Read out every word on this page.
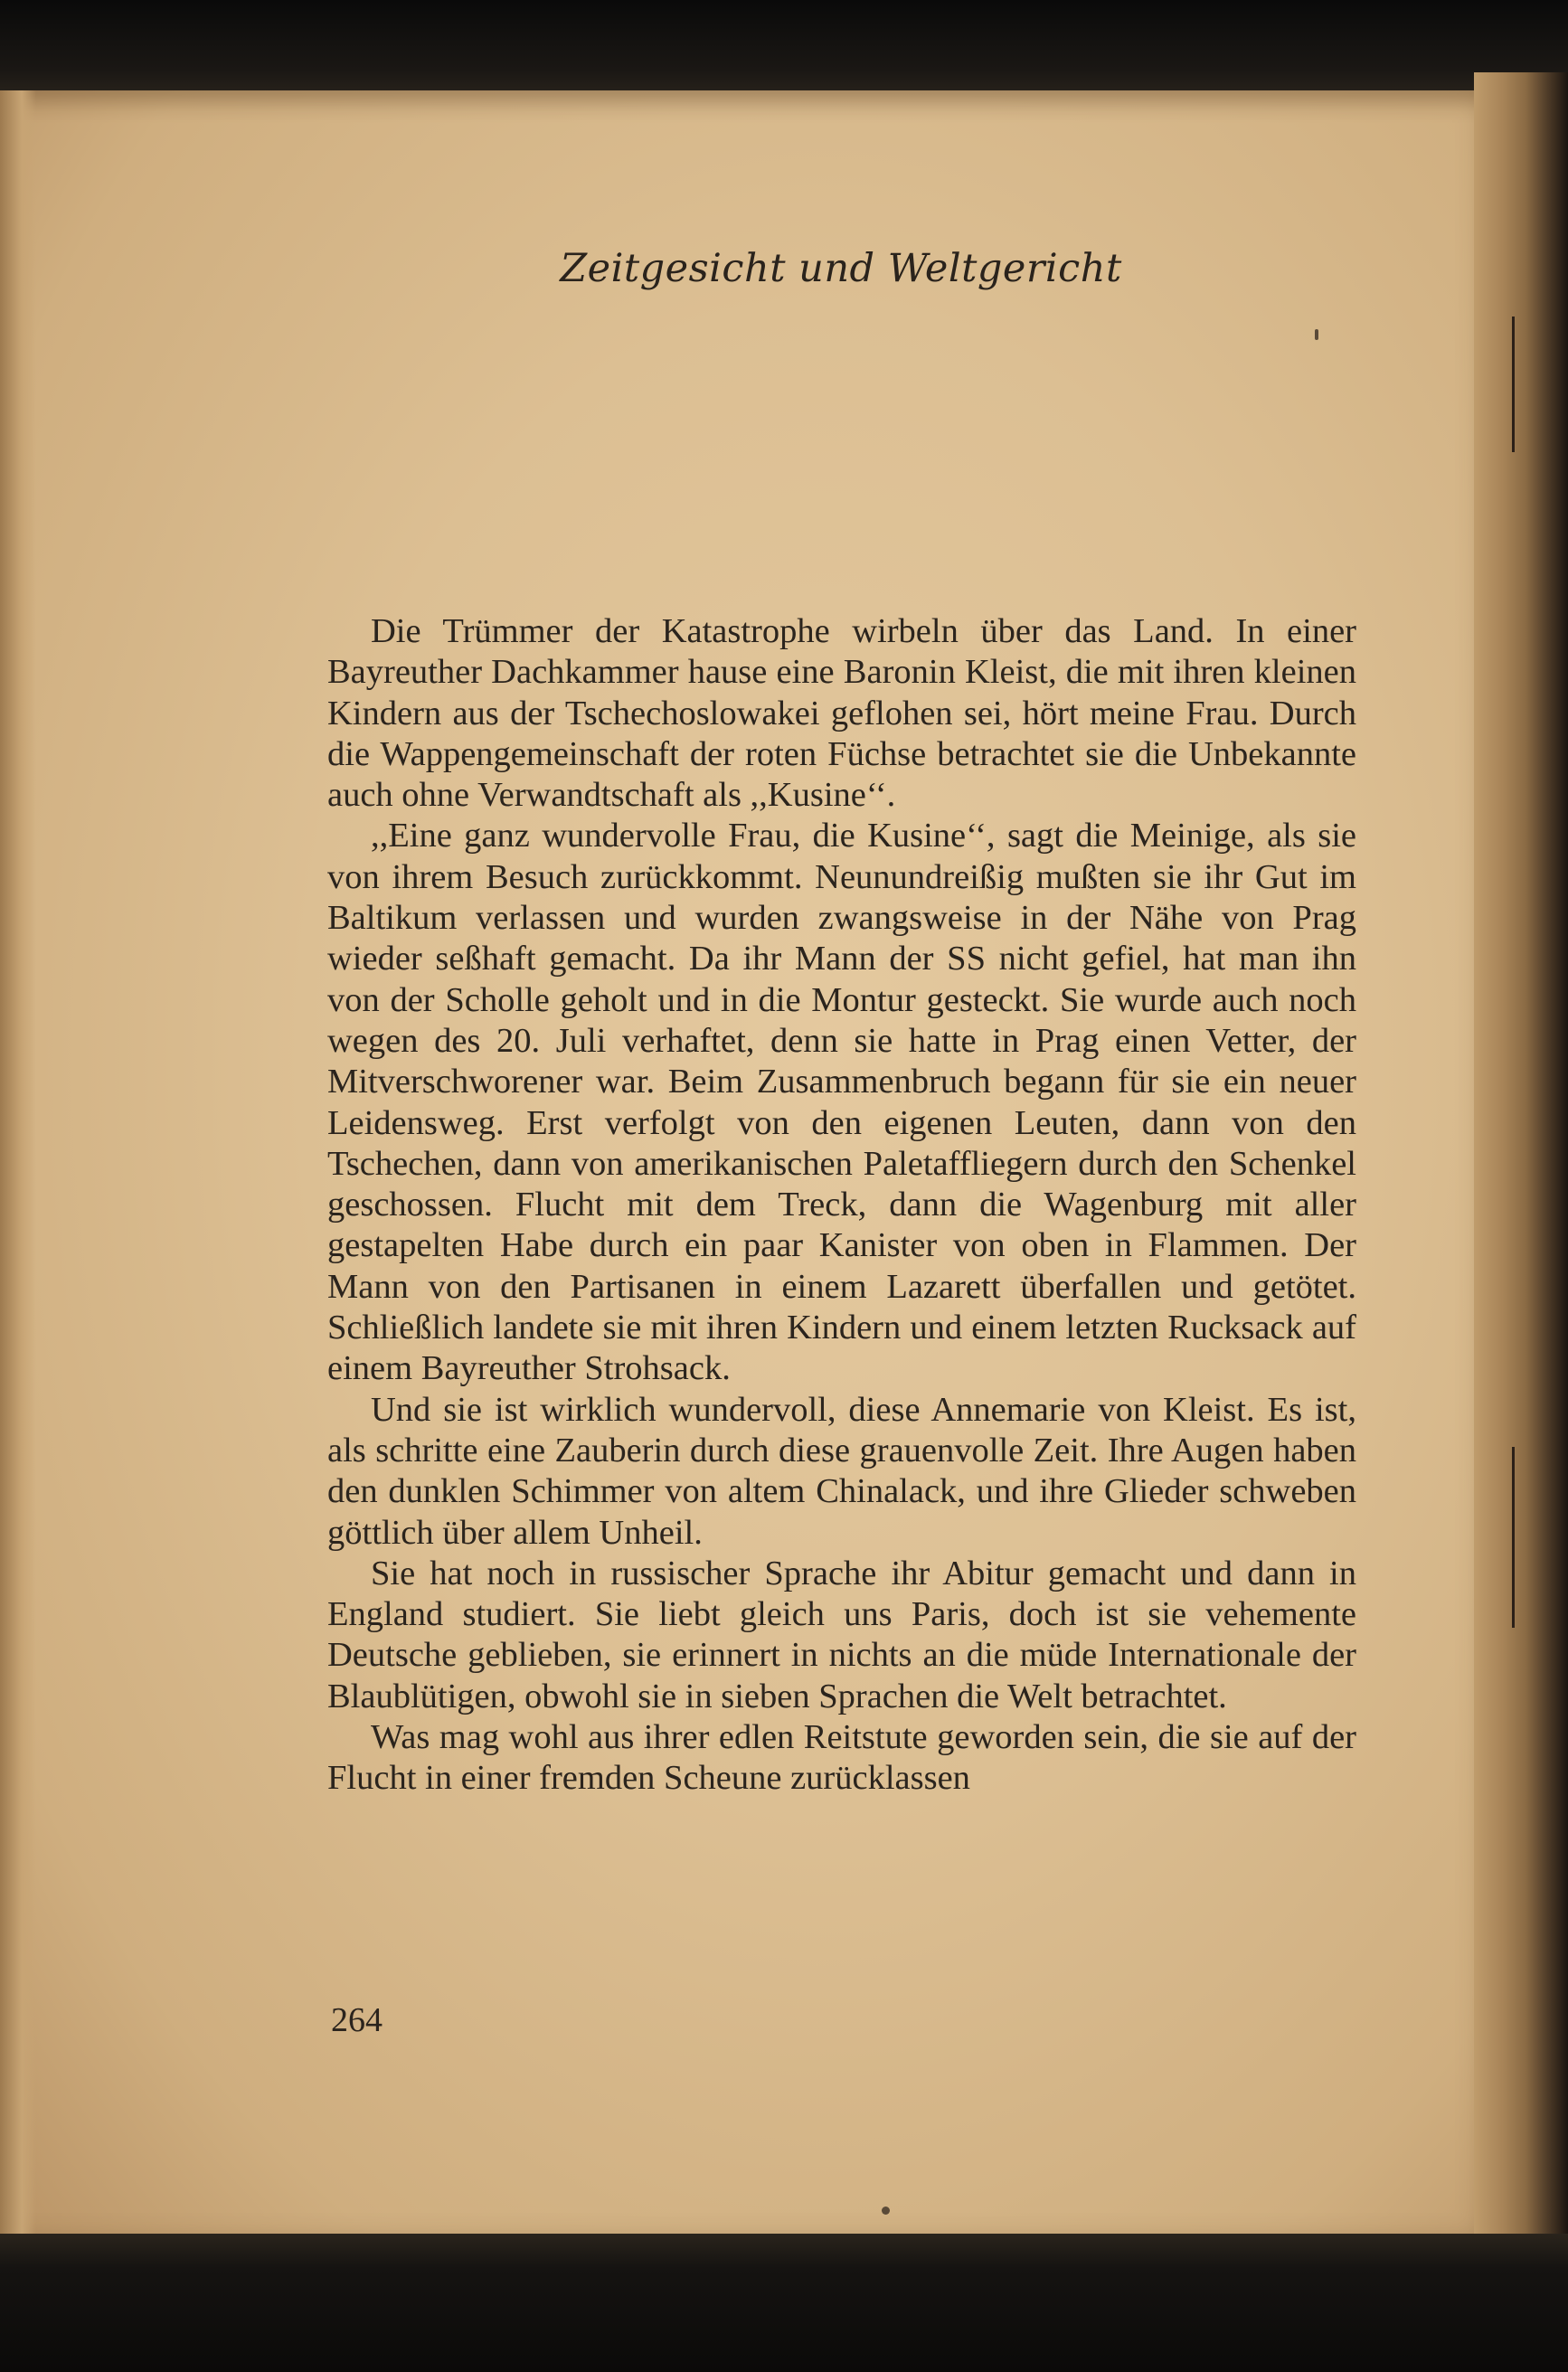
Zeitgesicht und Weltgericht

Die Trümmer der Katastrophe wirbeln über das Land. In einer Bayreuther Dachkammer hause eine Baronin Kleist, die mit ihren kleinen Kindern aus der Tschechoslowakei geflohen sei, hört meine Frau. Durch die Wappengemeinschaft der roten Füchse betrachtet sie die Unbekannte auch ohne Verwandtschaft als ,,Kusine‘‘.

,,Eine ganz wundervolle Frau, die Kusine‘‘, sagt die Meinige, als sie von ihrem Besuch zurückkommt. Neunundreißig mußten sie ihr Gut im Baltikum verlassen und wurden zwangsweise in der Nähe von Prag wieder seßhaft gemacht. Da ihr Mann der SS nicht gefiel, hat man ihn von der Scholle geholt und in die Montur gesteckt. Sie wurde auch noch wegen des 20. Juli verhaftet, denn sie hatte in Prag einen Vetter, der Mitverschworener war. Beim Zusammenbruch begann für sie ein neuer Leidensweg. Erst verfolgt von den eigenen Leuten, dann von den Tschechen, dann von amerikanischen Paletaffliegern durch den Schenkel geschossen. Flucht mit dem Treck, dann die Wagenburg mit aller gestapelten Habe durch ein paar Kanister von oben in Flammen. Der Mann von den Partisanen in einem Lazarett überfallen und getötet. Schließlich landete sie mit ihren Kindern und einem letzten Rucksack auf einem Bayreuther Strohsack.

Und sie ist wirklich wundervoll, diese Annemarie von Kleist. Es ist, als schritte eine Zauberin durch diese grauenvolle Zeit. Ihre Augen haben den dunklen Schimmer von altem Chinalack, und ihre Glieder schweben göttlich über allem Unheil.

Sie hat noch in russischer Sprache ihr Abitur gemacht und dann in England studiert. Sie liebt gleich uns Paris, doch ist sie vehemente Deutsche geblieben, sie erinnert in nichts an die müde Internationale der Blaublütigen, obwohl sie in sieben Sprachen die Welt betrachtet.

Was mag wohl aus ihrer edlen Reitstute geworden sein, die sie auf der Flucht in einer fremden Scheune zurücklassen

264
